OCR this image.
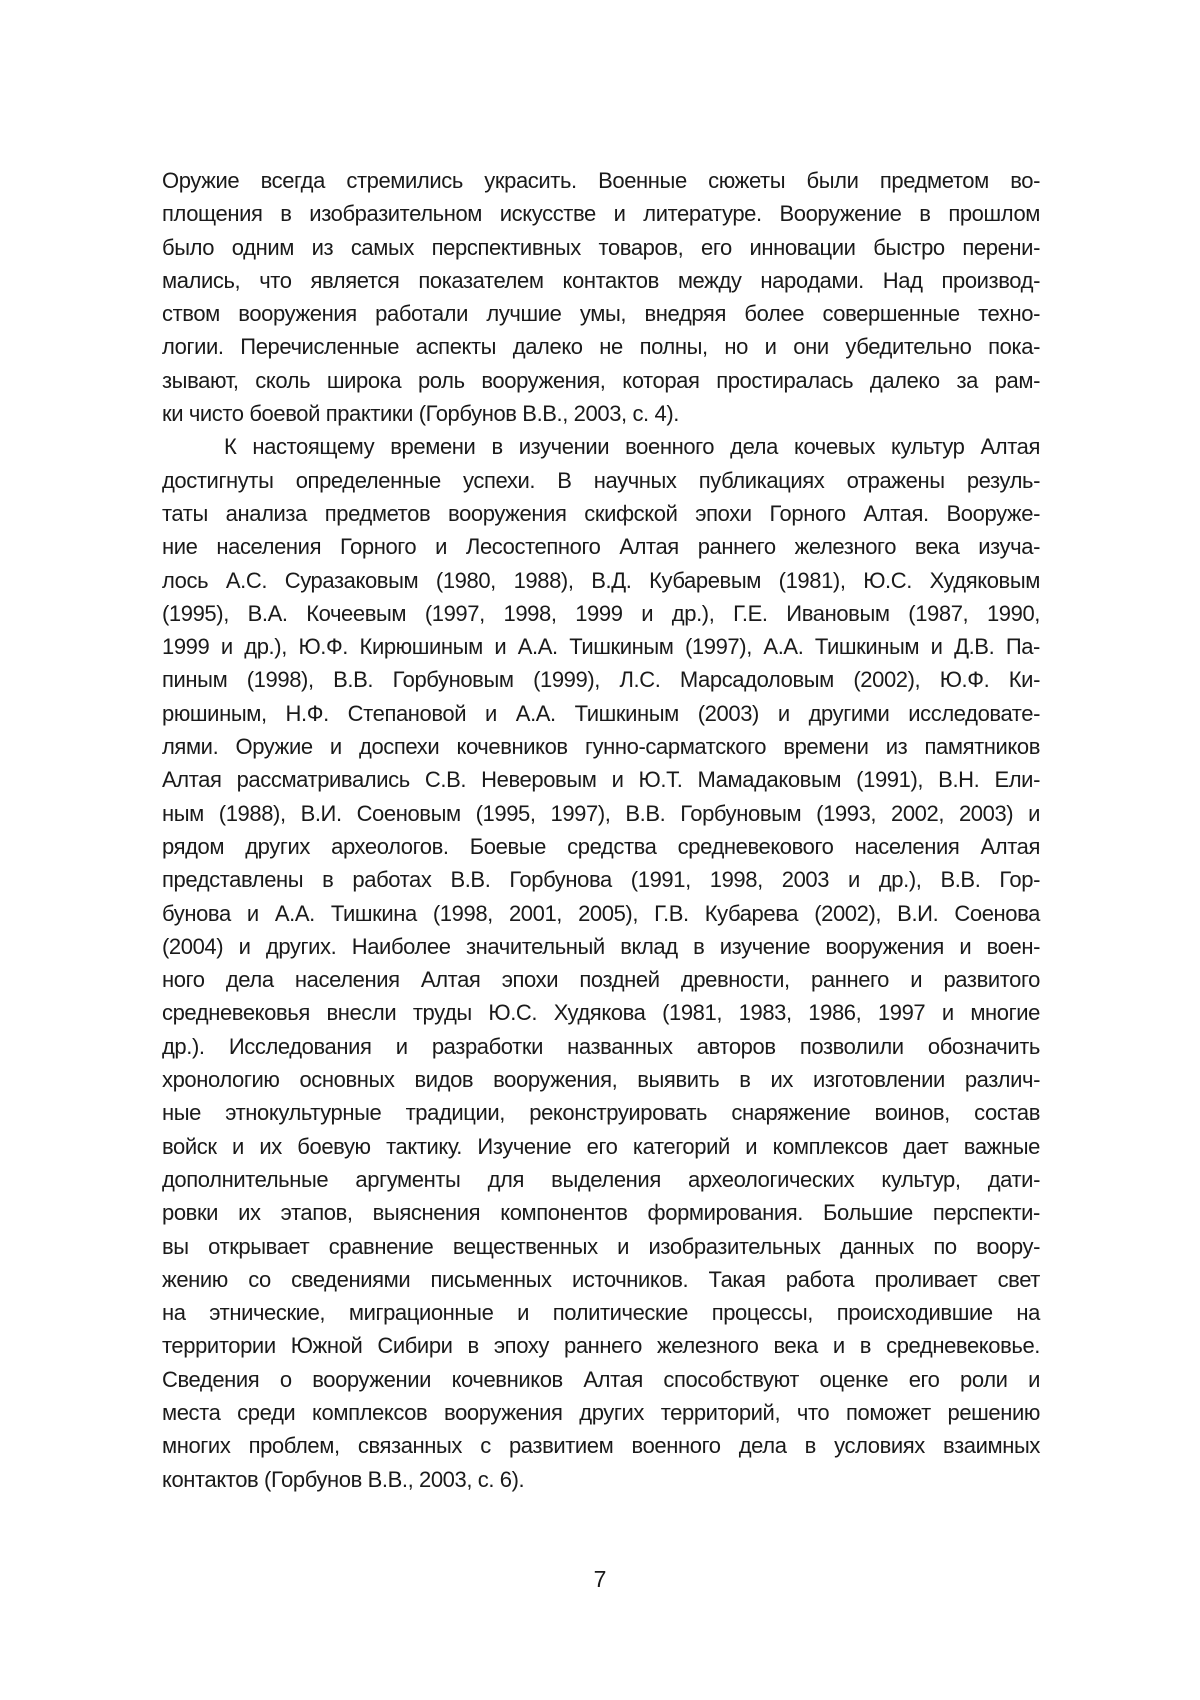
Оружие всегда стремились украсить. Военные сюжеты были предметом во-
площения в изобразительном искусстве и литературе. Вооружение в прошлом
было одним из самых перспективных товаров, его инновации быстро перени-
мались, что является показателем контактов между народами. Над производ-
ством вооружения работали лучшие умы, внедряя более совершенные техно-
логии. Перечисленные аспекты далеко не полны, но и они убедительно пока-
зывают, сколь широка роль вооружения, которая простиралась далеко за рам-
ки чисто боевой практики (Горбунов В.В., 2003, с. 4).
К настоящему времени в изучении военного дела кочевых культур Алтая
достигнуты определенные успехи. В научных публикациях отражены резуль-
таты анализа предметов вооружения скифской эпохи Горного Алтая. Вооруже-
ние населения Горного и Лесостепного Алтая раннего железного века изуча-
лось А.С. Суразаковым (1980, 1988), В.Д. Кубаревым (1981), Ю.С. Худяковым
(1995), В.А. Кочеевым (1997, 1998, 1999 и др.), Г.Е. Ивановым (1987, 1990,
1999 и др.), Ю.Ф. Кирюшиным и А.А. Тишкиным (1997), А.А. Тишкиным и Д.В. Па-
пиным (1998), В.В. Горбуновым (1999), Л.С. Марсадоловым (2002), Ю.Ф. Ки-
рюшиным, Н.Ф. Степановой и А.А. Тишкиным (2003) и другими исследовате-
лями. Оружие и доспехи кочевников гунно-сарматского времени из памятников
Алтая рассматривались С.В. Неверовым и Ю.Т. Мамадаковым (1991), В.Н. Ели-
ным (1988), В.И. Соеновым (1995, 1997), В.В. Горбуновым (1993, 2002, 2003) и
рядом других археологов. Боевые средства средневекового населения Алтая
представлены в работах В.В. Горбунова (1991, 1998, 2003 и др.), В.В. Гор-
бунова и А.А. Тишкина (1998, 2001, 2005), Г.В. Кубарева (2002), В.И. Соенова
(2004) и других. Наиболее значительный вклад в изучение вооружения и воен-
ного дела населения Алтая эпохи поздней древности, раннего и развитого
средневековья внесли труды Ю.С. Худякова (1981, 1983, 1986, 1997 и многие
др.). Исследования и разработки названных авторов позволили обозначить
хронологию основных видов вооружения, выявить в их изготовлении различ-
ные этнокультурные традиции, реконструировать снаряжение воинов, состав
войск и их боевую тактику. Изучение его категорий и комплексов дает важные
дополнительные аргументы для выделения археологических культур, дати-
ровки их этапов, выяснения компонентов формирования. Большие перспекти-
вы открывает сравнение вещественных и изобразительных данных по воору-
жению со сведениями письменных источников. Такая работа проливает свет
на этнические, миграционные и политические процессы, происходившие на
территории Южной Сибири в эпоху раннего железного века и в средневековье.
Сведения о вооружении кочевников Алтая способствуют оценке его роли и
места среди комплексов вооружения других территорий, что поможет решению
многих проблем, связанных с развитием военного дела в условиях взаимных
контактов (Горбунов В.В., 2003, с. 6).
7
